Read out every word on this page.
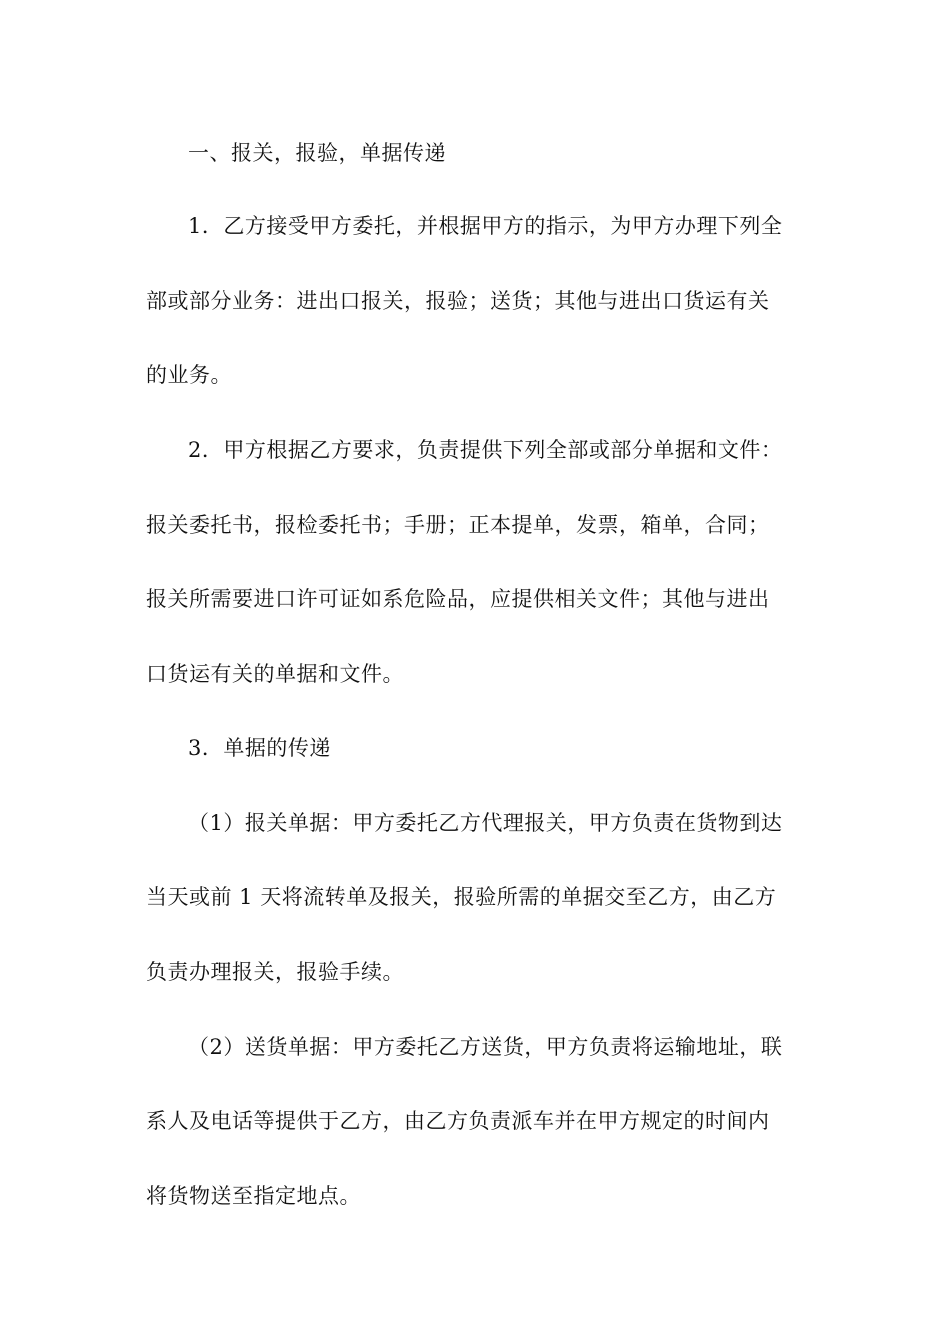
一、报关，报验，单据传递
1．乙方接受甲方委托，并根据甲方的指示，为甲方办理下列全
部或部分业务：进出口报关，报验；送货；其他与进出口货运有关
的业务。
2．甲方根据乙方要求，负责提供下列全部或部分单据和文件：
报关委托书，报检委托书；手册；正本提单，发票，箱单，合同；
报关所需要进口许可证如系危险品，应提供相关文件；其他与进出
口货运有关的单据和文件。
3．单据的传递
（1）报关单据：甲方委托乙方代理报关，甲方负责在货物到达
当天或前 1 天将流转单及报关，报验所需的单据交至乙方，由乙方
负责办理报关，报验手续。
（2）送货单据：甲方委托乙方送货，甲方负责将运输地址，联
系人及电话等提供于乙方，由乙方负责派车并在甲方规定的时间内
将货物送至指定地点。
